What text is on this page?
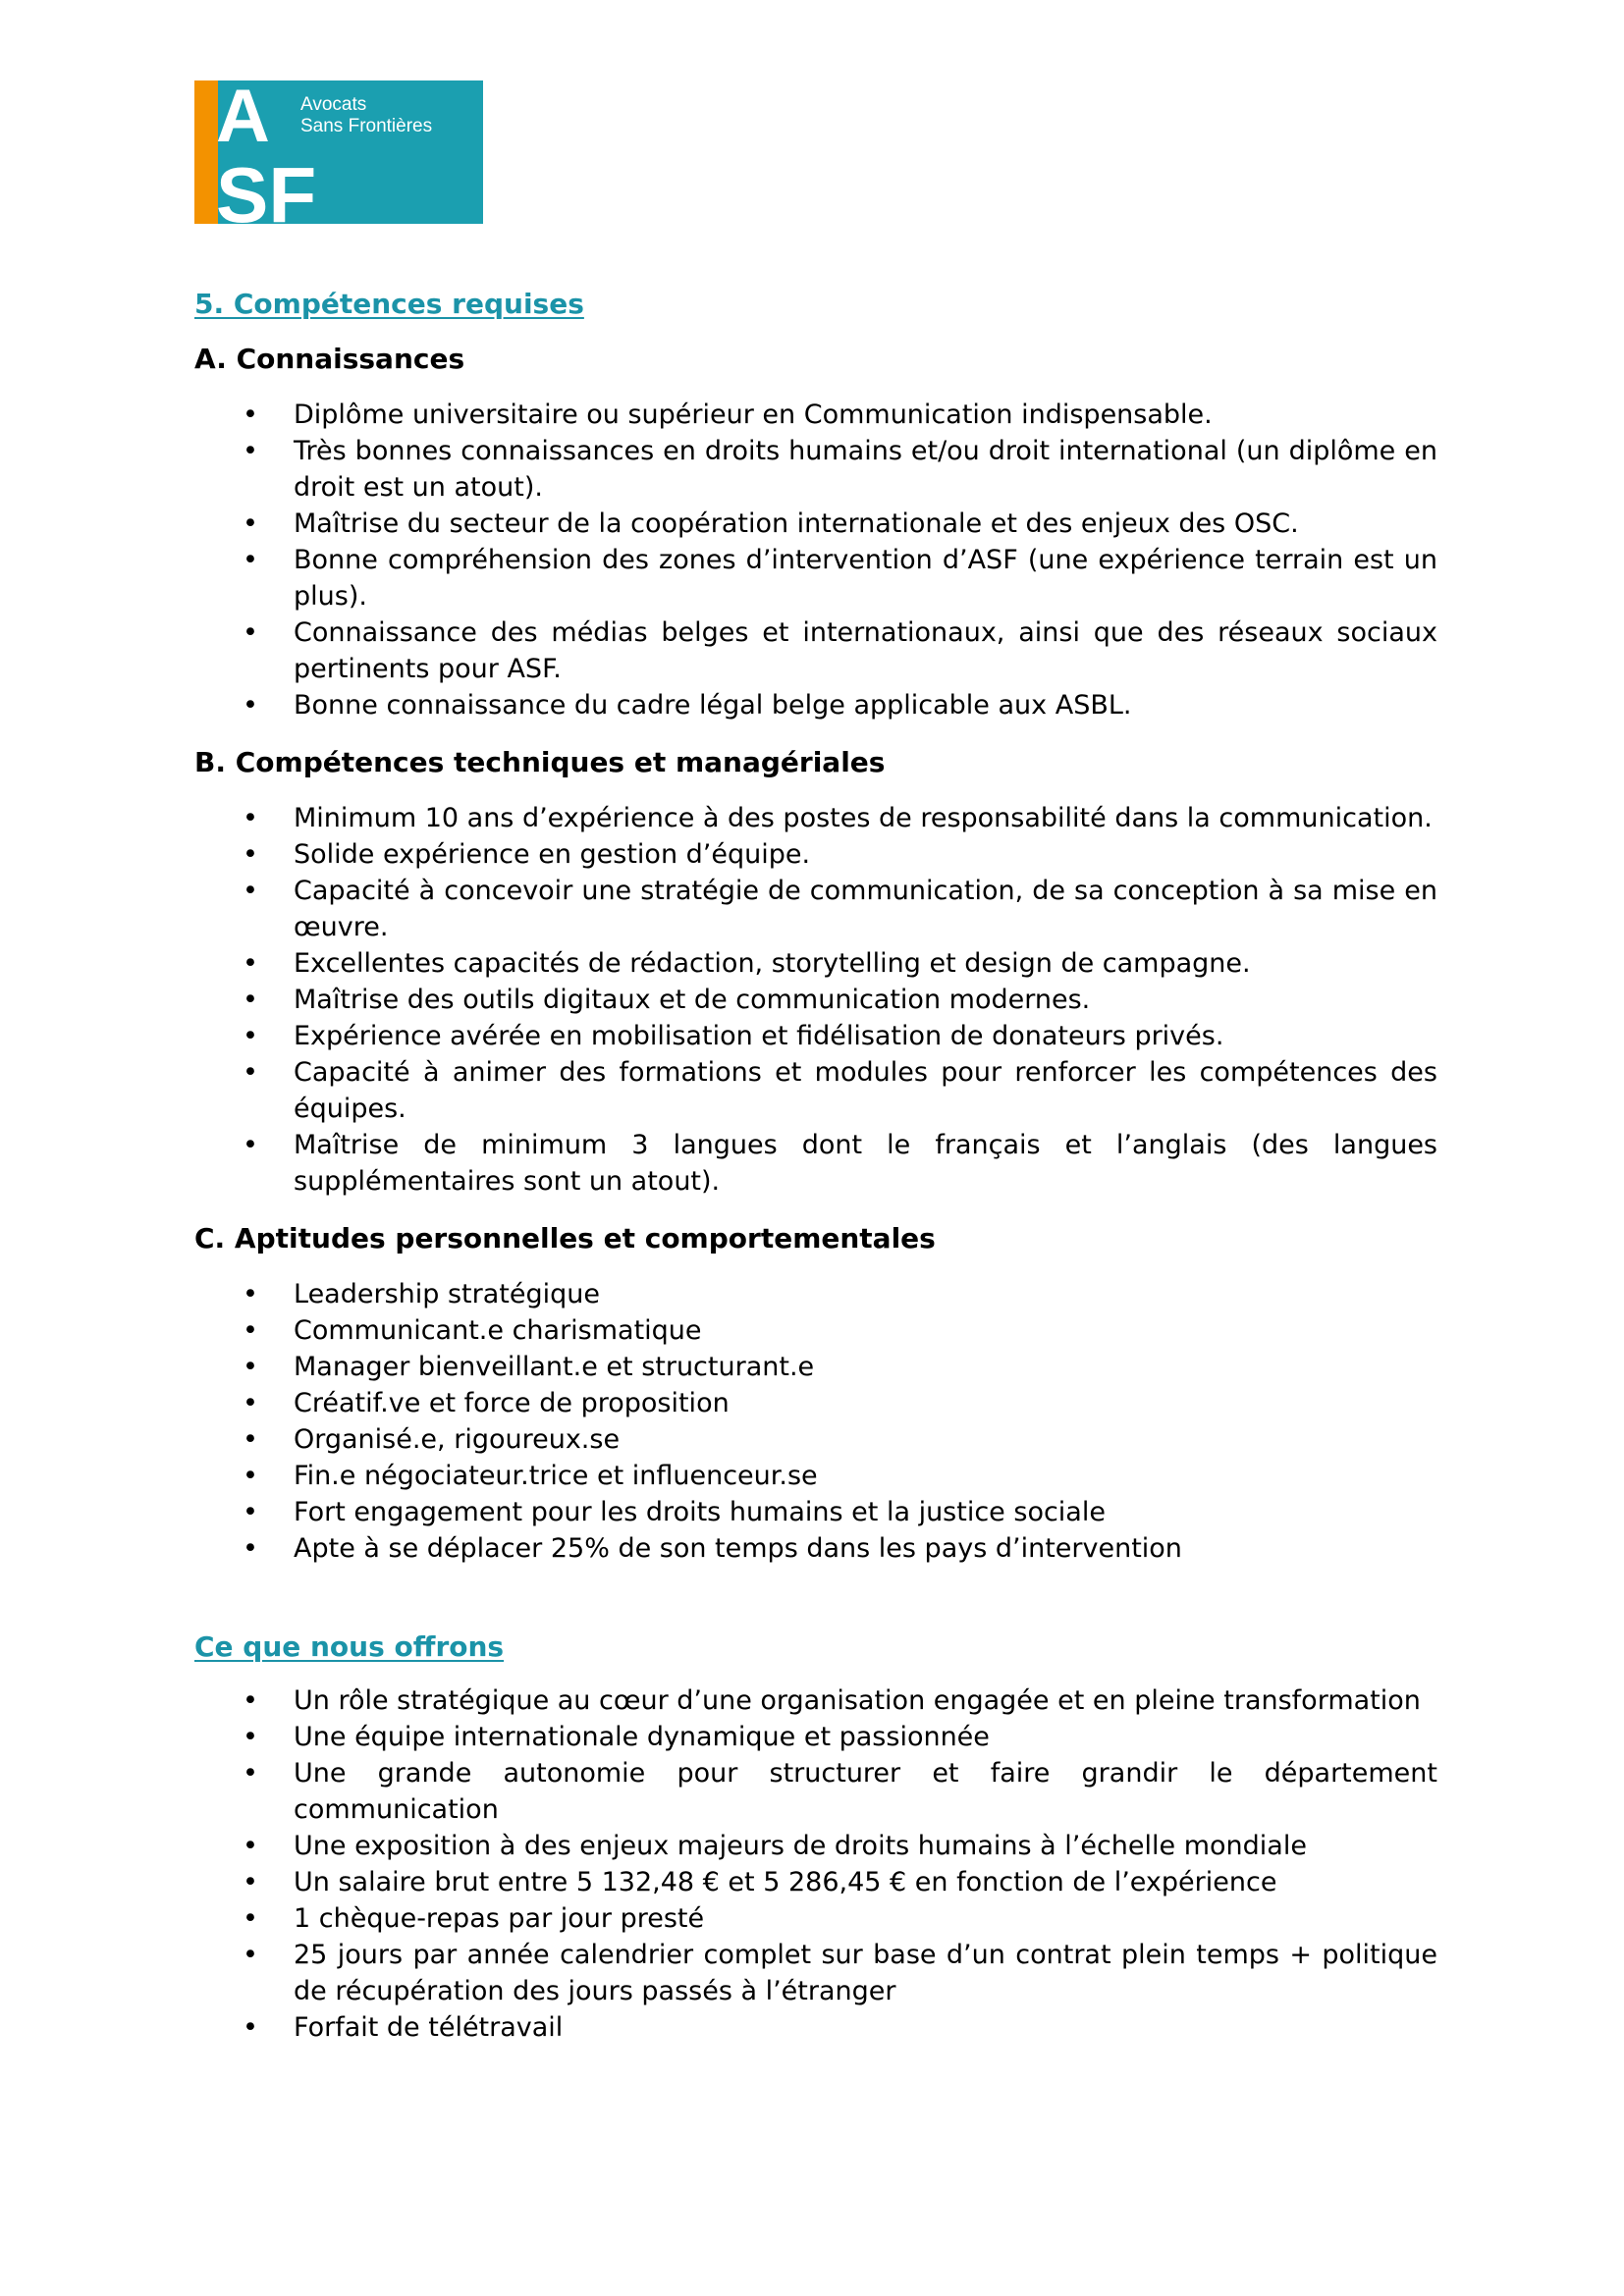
A
SF
Avocats
Sans Frontières
5. Compétences requises
A. Connaissances
• Diplôme universitaire ou supérieur en Communication indispensable.
• Très bonnes connaissances en droits humains et/ou droit international (un diplôme en droit est un atout).
• Maîtrise du secteur de la coopération internationale et des enjeux des OSC.
• Bonne compréhension des zones d’intervention d’ASF (une expérience terrain est un plus).
• Connaissance des médias belges et internationaux, ainsi que des réseaux sociaux pertinents pour ASF.
• Bonne connaissance du cadre légal belge applicable aux ASBL.
B. Compétences techniques et managériales
• Minimum 10 ans d’expérience à des postes de responsabilité dans la communication.
• Solide expérience en gestion d’équipe.
• Capacité à concevoir une stratégie de communication, de sa conception à sa mise en œuvre.
• Excellentes capacités de rédaction, storytelling et design de campagne.
• Maîtrise des outils digitaux et de communication modernes.
• Expérience avérée en mobilisation et fidélisation de donateurs privés.
• Capacité à animer des formations et modules pour renforcer les compétences des équipes.
• Maîtrise de minimum 3 langues dont le français et l’anglais (des langues supplémentaires sont un atout).
C. Aptitudes personnelles et comportementales
• Leadership stratégique
• Communicant.e charismatique
• Manager bienveillant.e et structurant.e
• Créatif.ve et force de proposition
• Organisé.e, rigoureux.se
• Fin.e négociateur.trice et influenceur.se
• Fort engagement pour les droits humains et la justice sociale
• Apte à se déplacer 25% de son temps dans les pays d’intervention
Ce que nous offrons
• Un rôle stratégique au cœur d’une organisation engagée et en pleine transformation
• Une équipe internationale dynamique et passionnée
• Une grande autonomie pour structurer et faire grandir le département communication
• Une exposition à des enjeux majeurs de droits humains à l’échelle mondiale
• Un salaire brut entre 5 132,48 € et 5 286,45 € en fonction de l’expérience
• 1 chèque-repas par jour presté
• 25 jours par année calendrier complet sur base d’un contrat plein temps + politique de récupération des jours passés à l’étranger
• Forfait de télétravail
